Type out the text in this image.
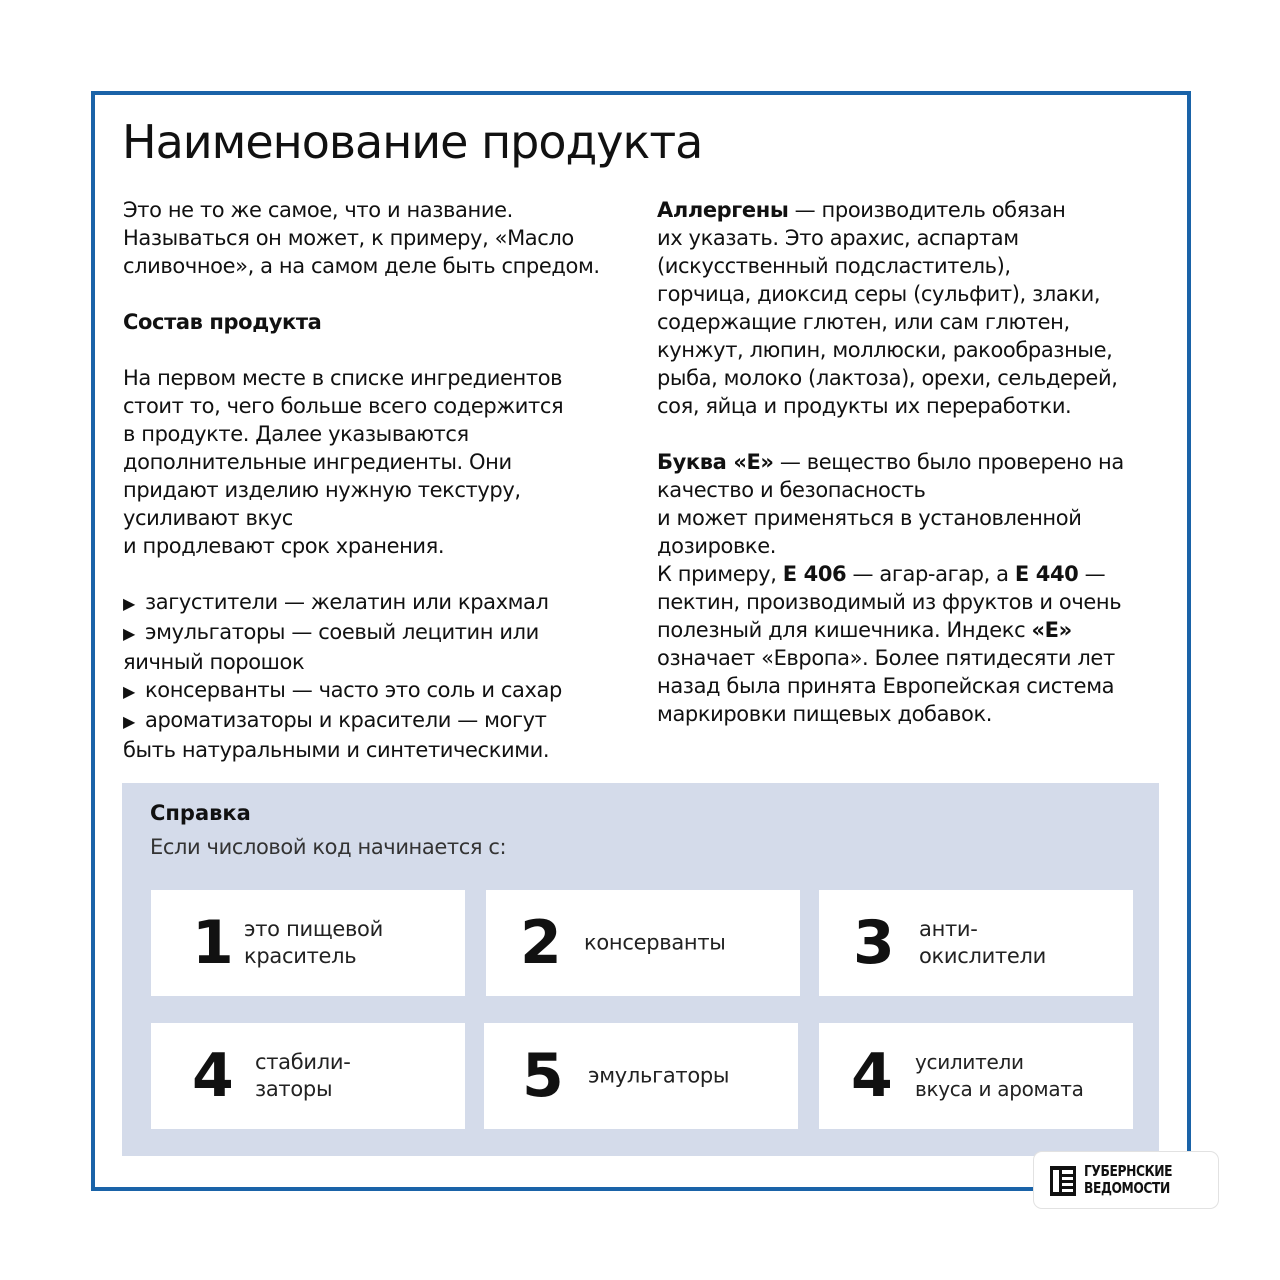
Наименование продукта

Это не то же самое, что и название.
Называться он может, к примеру, «Масло
сливочное», а на самом деле быть спредом.

Состав продукта

На первом месте в списке ингредиентов
стоит то, чего больше всего содержится
в продукте. Далее указываются
дополнительные ингредиенты. Они
придают изделию нужную текстуру,
усиливают вкус
и продлевают срок хранения.

▶ загустители — желатин или крахмал
▶ эмульгаторы — соевый лецитин или
яичный порошок
▶ консерванты — часто это соль и сахар
▶ ароматизаторы и красители — могут
быть натуральными и синтетическими.

Аллергены — производитель обязан
их указать. Это арахис, аспартам
(искусственный подсластитель),
горчица, диоксид серы (сульфит), злаки,
содержащие глютен, или сам глютен,
кунжут, люпин, моллюски, ракообразные,
рыба, молоко (лактоза), орехи, сельдерей,
соя, яйца и продукты их переработки.

Буква «Е» — вещество было проверено на
качество и безопасность
и может применяться в установленной
дозировке.
К примеру, Е 406 — агар-агар, а Е 440 —
пектин, производимый из фруктов и очень
полезный для кишечника. Индекс «Е»
означает «Европа». Более пятидесяти лет
назад была принята Европейская система
маркировки пищевых добавок.

Справка
Если числовой код начинается с:
1 это пищевой
краситель	2 консерванты 3 анти-
окислители
4 стабили-
заторы	5 эмульгаторы 4 усилители
вкуса и аромата
ГУБЕРНСКИЕ
ВЕДОМОСТИ
